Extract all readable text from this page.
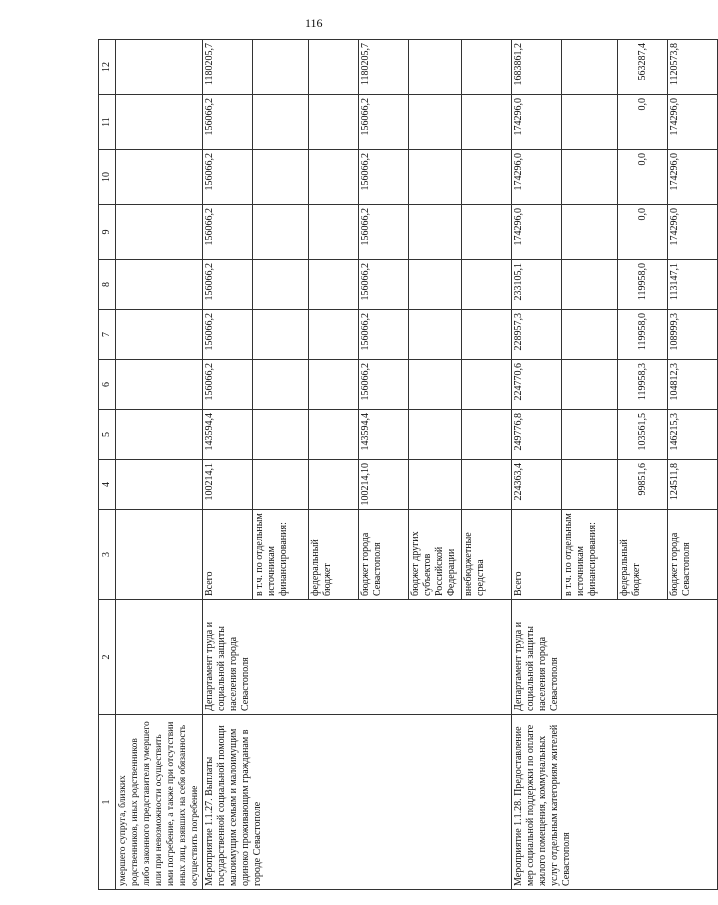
116
1	2	3	4	5	6	7	8	9	10	11	12
умершего супруга, близких родственников, иных родственников либо законного представителя умершего или при невозможности осуществить ими погребение, а также при отсутствии иных лиц, взявших на себя обязанность осуществить погребение											
Мероприятие 1.1.27. Выплаты государственной социальной помощи малоимущим семьям и малоимущим одиноко проживающим гражданам в городе Севастополе	Департамент труда и социальной защиты населения города Севастополя	Всего	100214,1	143594,4	156066,2	156066,2	156066,2	156066,2	156066,2	156066,2	1180205,7
		в т.ч. по отдельным источникам финансирования:									
		федеральный бюджет									
		бюджет города Севастополя	100214,10	143594,4	156066,2	156066,2	156066,2	156066,2	156066,2	156066,2	1180205,7
		бюджет других субъектов Российской Федерации									
		внебюджетные средства									
Мероприятие 1.1.28. Предоставление мер социальной поддержки по оплате жилого помещения, коммунальных услуг отдельным категориям жителей Севастополя	Департамент труда и социальной защиты населения города Севастополя	Всего	224363,4	249776,8	224770,6	228957,3	233105,1	174296,0	174296,0	174296,0	1683861,2
		в т.ч. по отдельным источникам финансирования:									
		федеральный бюджет	99851,6	103561,5	119958,3	119958,0	119958,0	0,0	0,0	0,0	563287,4
		бюджет города Севастополя	124511,8	146215,3	104812,3	108999,3	113147,1	174296,0	174296,0	174296,0	1120573,8
